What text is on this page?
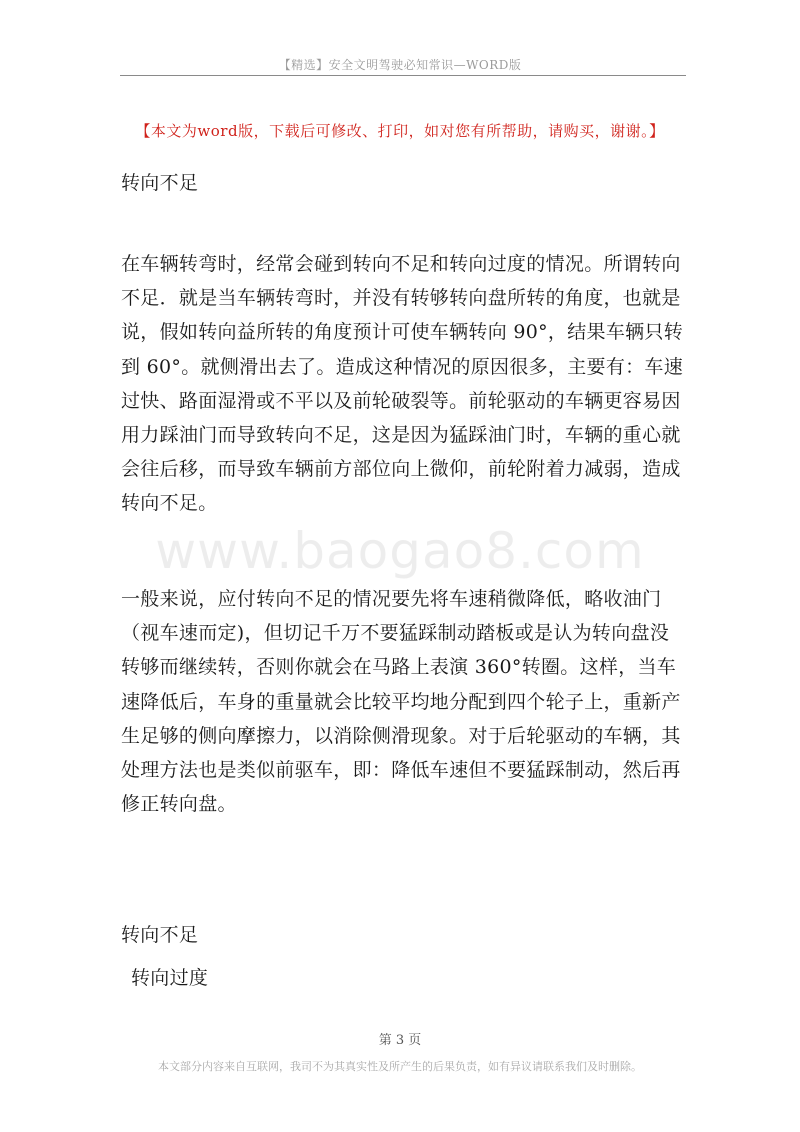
【精选】安全文明驾驶必知常识—WORD版
【本文为word版，下载后可修改、打印，如对您有所帮助，请购买，谢谢。】
转向不足
在车辆转弯时，经常会碰到转向不足和转向过度的情况。所谓转向不足．就是当车辆转弯时，并没有转够转向盘所转的角度，也就是说，假如转向益所转的角度预计可使车辆转向 90°，结果车辆只转到 60°。就侧滑出去了。造成这种情况的原因很多，主要有：车速过快、路面湿滑或不平以及前轮破裂等。前轮驱动的车辆更容易因用力踩油门而导致转向不足，这是因为猛踩油门时，车辆的重心就会往后移，而导致车辆前方部位向上微仰，前轮附着力减弱，造成转向不足。
www.baogao8.com
一般来说，应付转向不足的情况要先将车速稍微降低，略收油门（视车速而定)，但切记千万不要猛踩制动踏板或是认为转向盘没转够而继续转，否则你就会在马路上表演 360°转圈。这样，当车速降低后，车身的重量就会比较平均地分配到四个轮子上，重新产生足够的侧向摩擦力，以消除侧滑现象。对于后轮驱动的车辆，其处理方法也是类似前驱车，即：降低车速但不要猛踩制动，然后再修正转向盘。
转向不足
转向过度
第 3 页
本文部分内容来自互联网，我司不为其真实性及所产生的后果负责，如有异议请联系我们及时删除。
